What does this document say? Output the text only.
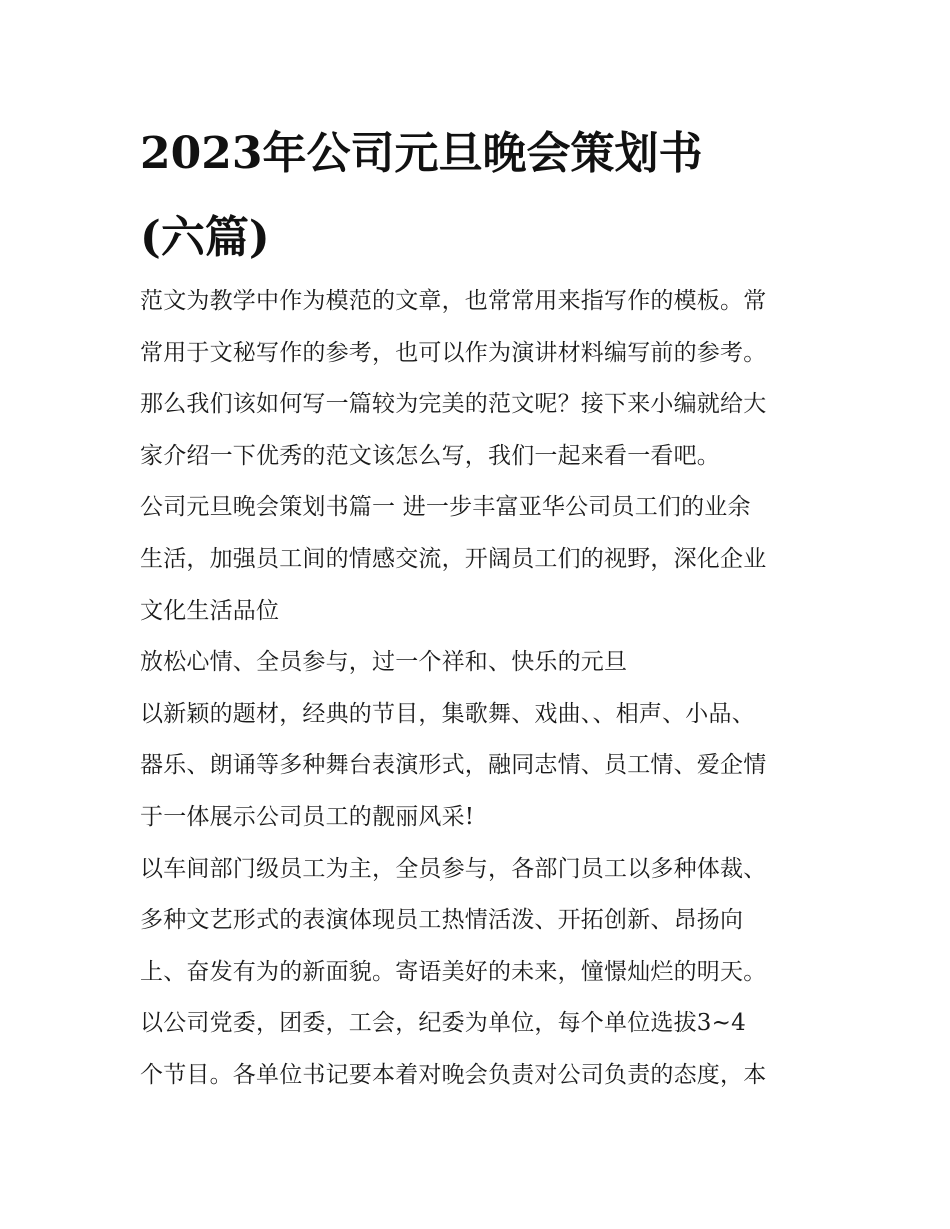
2023年公司元旦晚会策划书
(六篇)
范文为教学中作为模范的文章，也常常用来指写作的模板。常
常用于文秘写作的参考，也可以作为演讲材料编写前的参考。
那么我们该如何写一篇较为完美的范文呢？接下来小编就给大
家介绍一下优秀的范文该怎么写，我们一起来看一看吧。
公司元旦晚会策划书篇一 进一步丰富亚华公司员工们的业余
生活，加强员工间的情感交流，开阔员工们的视野，深化企业
文化生活品位
放松心情、全员参与，过一个祥和、快乐的元旦
以新颖的题材，经典的节目，集歌舞、戏曲、、相声、小品、
器乐、朗诵等多种舞台表演形式，融同志情、员工情、爱企情
于一体展示公司员工的靓丽风采!
以车间部门级员工为主，全员参与，各部门员工以多种体裁、
多种文艺形式的表演体现员工热情活泼、开拓创新、昂扬向
上、奋发有为的新面貌。寄语美好的未来，憧憬灿烂的明天。
以公司党委，团委，工会，纪委为单位，每个单位选拔3~4
个节目。各单位书记要本着对晚会负责对公司负责的态度，本
